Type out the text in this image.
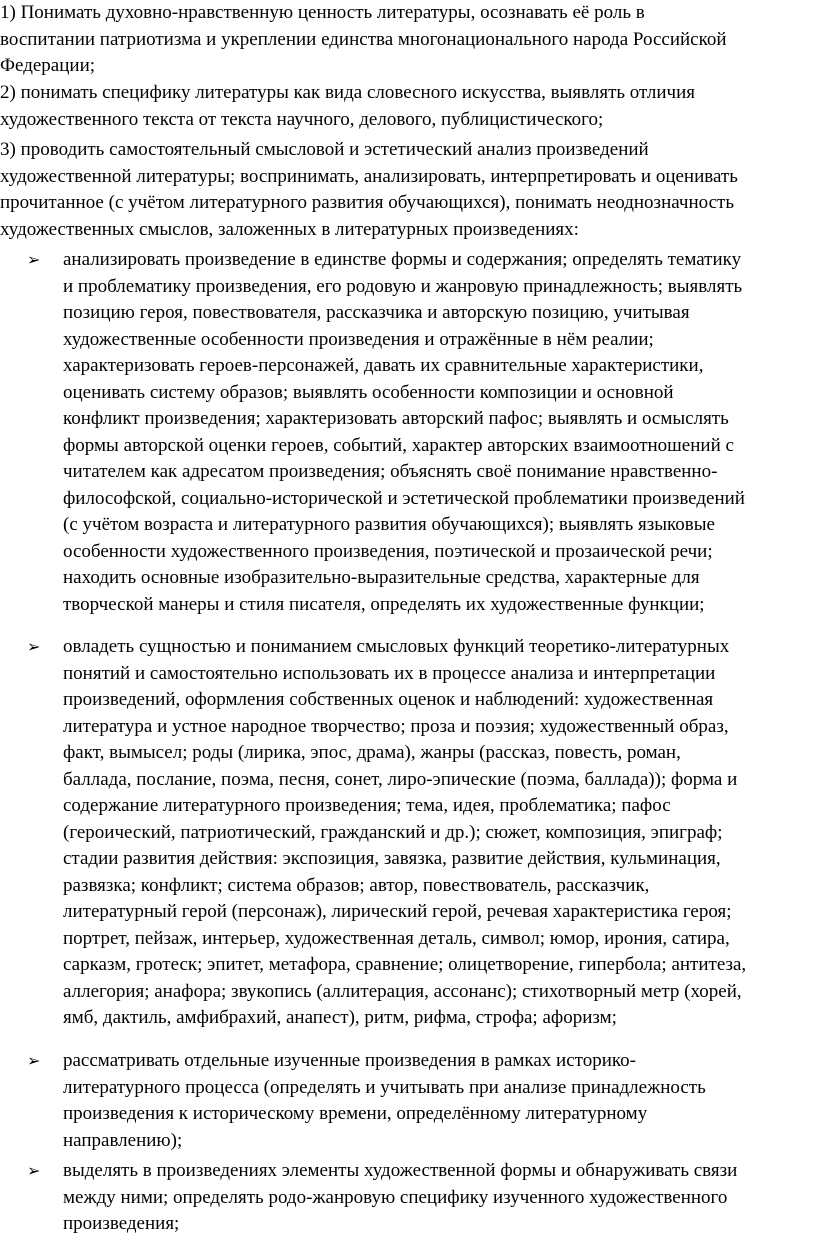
1) Понимать духовно-нравственную ценность литературы, осознавать её роль в
воспитании патриотизма и укреплении единства многонационального народа Российской
Федерации;
2) понимать специфику литературы как вида словесного искусства, выявлять отличия
художественного текста от текста научного, делового, публицистического;
3) проводить самостоятельный смысловой и эстетический анализ произведений
художественной литературы; воспринимать, анализировать, интерпретировать и оценивать
прочитанное (с учётом литературного развития обучающихся), понимать неоднозначность
художественных смыслов, заложенных в литературных произведениях:
➢	анализировать произведение в единстве формы и содержания; определять тематику
и проблематику произведения, его родовую и жанровую принадлежность; выявлять
позицию героя, повествователя, рассказчика и авторскую позицию, учитывая
художественные особенности произведения и отражённые в нём реалии;
характеризовать героев-персонажей, давать их сравнительные характеристики,
оценивать систему образов; выявлять особенности композиции и основной
конфликт произведения; характеризовать авторский пафос; выявлять и осмыслять
формы авторской оценки героев, событий, характер авторских взаимоотношений с
читателем как адресатом произведения; объяснять своё понимание нравственно-
философской, социально-исторической и эстетической проблематики произведений
(с учётом возраста и литературного развития обучающихся); выявлять языковые
особенности художественного произведения, поэтической и прозаической речи;
находить основные изобразительно-выразительные средства, характерные для
творческой манеры и стиля писателя, определять их художественные функции;
➢	овладеть сущностью и пониманием смысловых функций теоретико-литературных
понятий и самостоятельно использовать их в процессе анализа и интерпретации
произведений, оформления собственных оценок и наблюдений: художественная
литература и устное народное творчество; проза и поэзия; художественный образ,
факт, вымысел; роды (лирика, эпос, драма), жанры (рассказ, повесть, роман,
баллада, послание, поэма, песня, сонет, лиро-эпические (поэма, баллада)); форма и
содержание литературного произведения; тема, идея, проблематика; пафос
(героический, патриотический, гражданский и др.); сюжет, композиция, эпиграф;
стадии развития действия: экспозиция, завязка, развитие действия, кульминация,
развязка; конфликт; система образов; автор, повествователь, рассказчик,
литературный герой (персонаж), лирический герой, речевая характеристика героя;
портрет, пейзаж, интерьер, художественная деталь, символ; юмор, ирония, сатира,
сарказм, гротеск; эпитет, метафора, сравнение; олицетворение, гипербола; антитеза,
аллегория; анафора; звукопись (аллитерация, ассонанс); стихотворный метр (хорей,
ямб, дактиль, амфибрахий, анапест), ритм, рифма, строфа; афоризм;
➢	рассматривать отдельные изученные произведения в рамках историко-
литературного процесса (определять и учитывать при анализе принадлежность
произведения к историческому времени, определённому литературному
направлению);
➢	выделять в произведениях элементы художественной формы и обнаруживать связи
между ними; определять родо-жанровую специфику изученного художественного
произведения;
